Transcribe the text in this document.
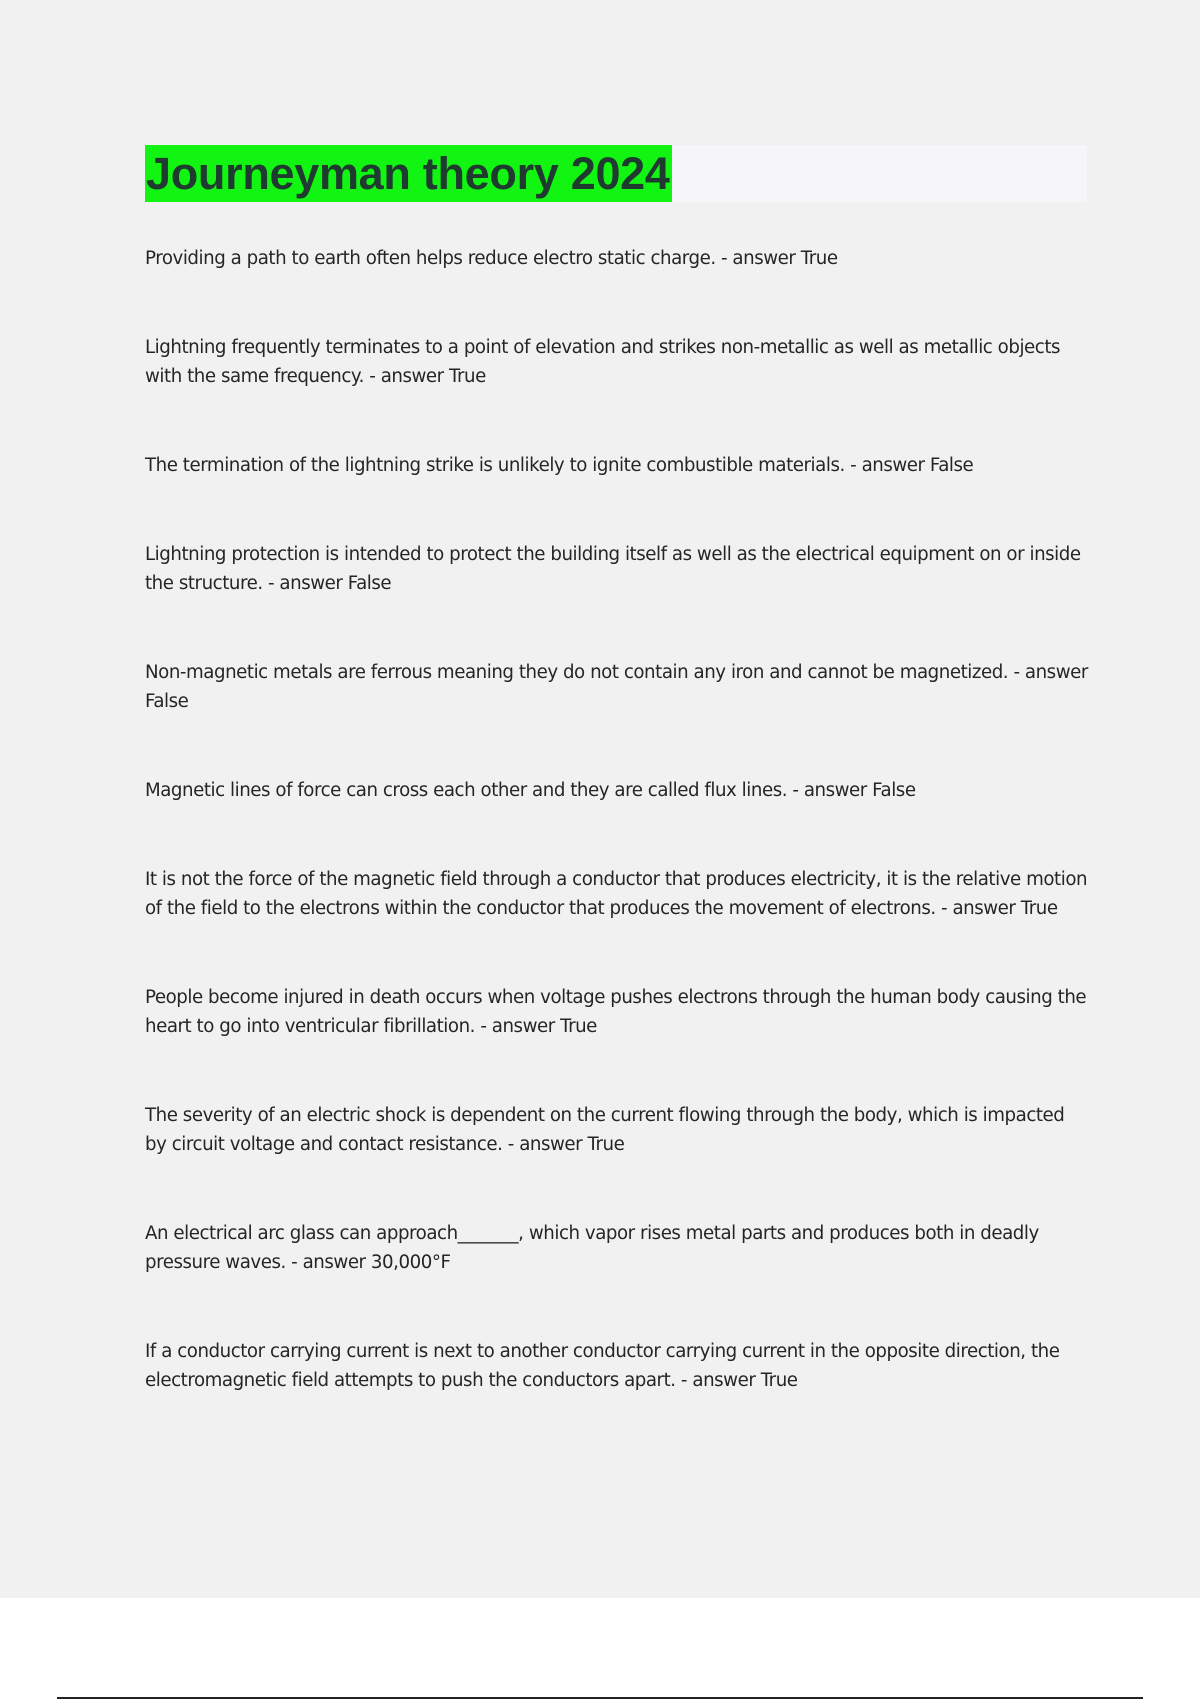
Journeyman theory 2024
Providing a path to earth often helps reduce electro static charge. - answer True
Lightning frequently terminates to a point of elevation and strikes non-metallic as well as metallic objects with the same frequency. - answer True
The termination of the lightning strike is unlikely to ignite combustible materials. - answer False
Lightning protection is intended to protect the building itself as well as the electrical equipment on or inside the structure. - answer False
Non-magnetic metals are ferrous meaning they do not contain any iron and cannot be magnetized. - answer False
Magnetic lines of force can cross each other and they are called flux lines. - answer False
It is not the force of the magnetic field through a conductor that produces electricity, it is the relative motion of the field to the electrons within the conductor that produces the movement of electrons. - answer True
People become injured in death occurs when voltage pushes electrons through the human body causing the heart to go into ventricular fibrillation. - answer True
The severity of an electric shock is dependent on the current flowing through the body, which is impacted by circuit voltage and contact resistance. - answer True
An electrical arc glass can approach_______, which vapor rises metal parts and produces both in deadly pressure waves. - answer 30,000°F
If a conductor carrying current is next to another conductor carrying current in the opposite direction, the electromagnetic field attempts to push the conductors apart. - answer True
